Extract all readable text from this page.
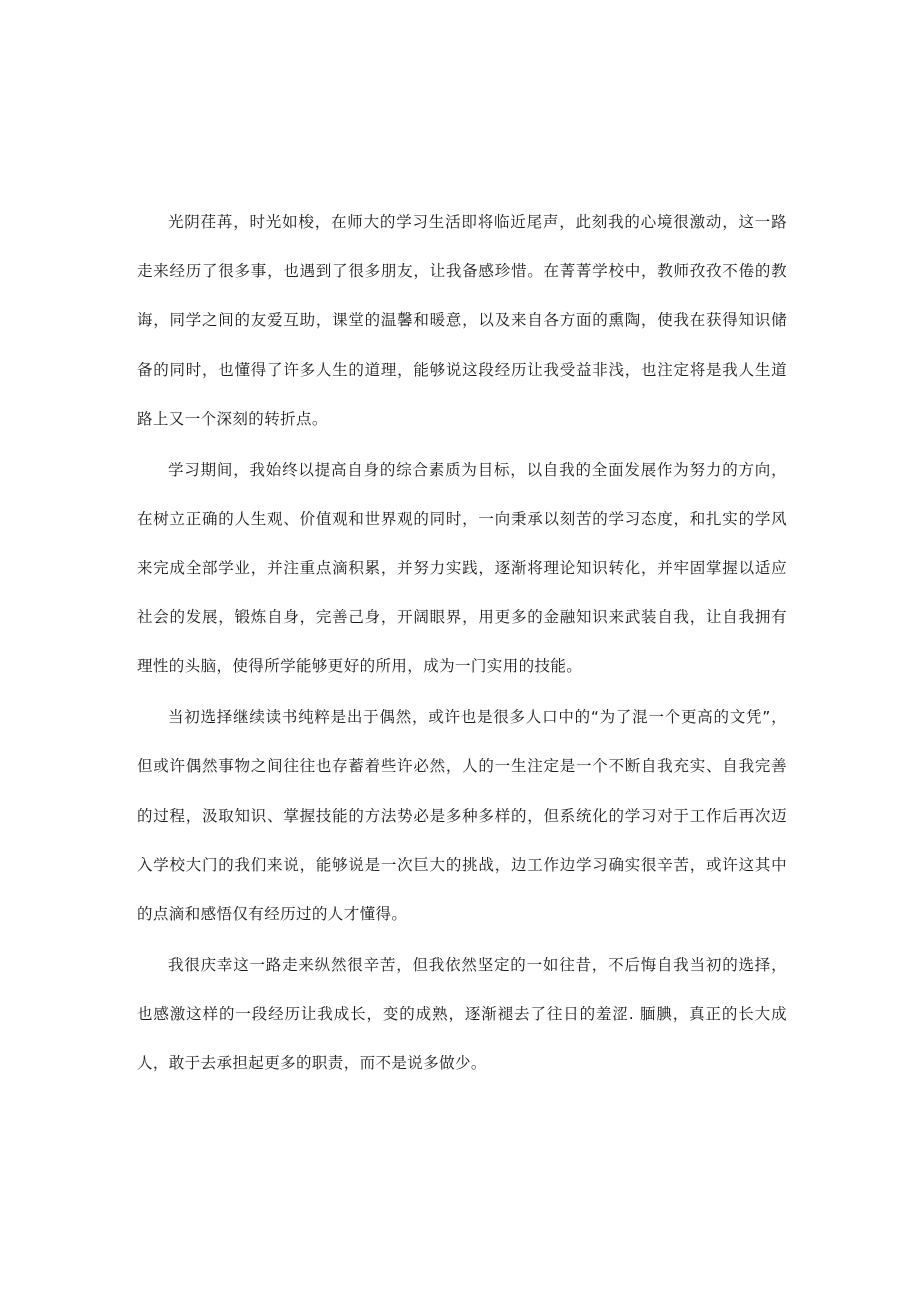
光阴荏苒，时光如梭，在师大的学习生活即将临近尾声，此刻我的心境很激动，这一路走来经历了很多事，也遇到了很多朋友，让我备感珍惜。在菁菁学校中，教师孜孜不倦的教诲，同学之间的友爱互助，课堂的温馨和暖意，以及来自各方面的熏陶，使我在获得知识储备的同时，也懂得了许多人生的道理，能够说这段经历让我受益非浅，也注定将是我人生道路上又一个深刻的转折点。

学习期间，我始终以提高自身的综合素质为目标，以自我的全面发展作为努力的方向，在树立正确的人生观、价值观和世界观的同时，一向秉承以刻苦的学习态度，和扎实的学风来完成全部学业，并注重点滴积累，并努力实践，逐渐将理论知识转化，并牢固掌握以适应社会的发展，锻炼自身，完善己身，开阔眼界，用更多的金融知识来武装自我，让自我拥有理性的头脑，使得所学能够更好的所用，成为一门实用的技能。

当初选择继续读书纯粹是出于偶然，或许也是很多人口中的“为了混一个更高的文凭”，但或许偶然事物之间往往也存蓄着些许必然，人的一生注定是一个不断自我充实、自我完善的过程，汲取知识、掌握技能的方法势必是多种多样的，但系统化的学习对于工作后再次迈入学校大门的我们来说，能够说是一次巨大的挑战，边工作边学习确实很辛苦，或许这其中的点滴和感悟仅有经历过的人才懂得。

我很庆幸这一路走来纵然很辛苦，但我依然坚定的一如往昔，不后悔自我当初的选择，也感激这样的一段经历让我成长，变的成熟，逐渐褪去了往日的羞涩. 腼腆，真正的长大成人，敢于去承担起更多的职责，而不是说多做少。
